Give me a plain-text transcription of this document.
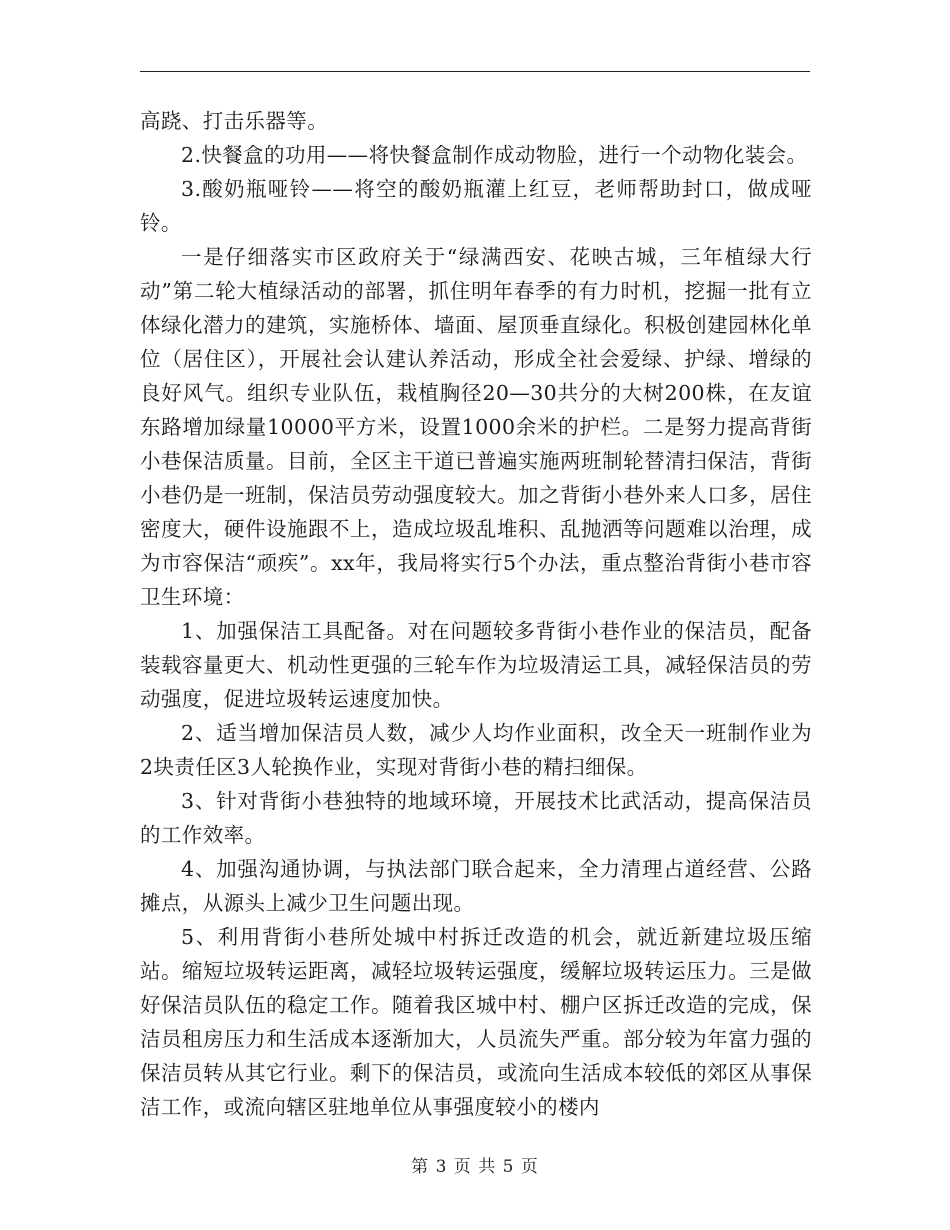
高跷、打击乐器等。

2.快餐盒的功用——将快餐盒制作成动物脸，进行一个动物化装会。

3.酸奶瓶哑铃——将空的酸奶瓶灌上红豆，老师帮助封口，做成哑铃。

一是仔细落实市区政府关于“绿满西安、花映古城，三年植绿大行动”第二轮大植绿活动的部署，抓住明年春季的有力时机，挖掘一批有立体绿化潜力的建筑，实施桥体、墙面、屋顶垂直绿化。积极创建园林化单位（居住区），开展社会认建认养活动，形成全社会爱绿、护绿、增绿的良好风气。组织专业队伍，栽植胸径20—30共分的大树200株，在友谊东路增加绿量10000平方米，设置1000余米的护栏。二是努力提高背街小巷保洁质量。目前，全区主干道已普遍实施两班制轮替清扫保洁，背街小巷仍是一班制，保洁员劳动强度较大。加之背街小巷外来人口多，居住密度大，硬件设施跟不上，造成垃圾乱堆积、乱抛洒等问题难以治理，成为市容保洁“顽疾”。xx年，我局将实行5个办法，重点整治背街小巷市容卫生环境：

1、加强保洁工具配备。对在问题较多背街小巷作业的保洁员，配备装载容量更大、机动性更强的三轮车作为垃圾清运工具，减轻保洁员的劳动强度，促进垃圾转运速度加快。

2、适当增加保洁员人数，减少人均作业面积，改全天一班制作业为2块责任区3人轮换作业，实现对背街小巷的精扫细保。

3、针对背街小巷独特的地域环境，开展技术比武活动，提高保洁员的工作效率。

4、加强沟通协调，与执法部门联合起来，全力清理占道经营、公路摊点，从源头上减少卫生问题出现。

5、利用背街小巷所处城中村拆迁改造的机会，就近新建垃圾压缩站。缩短垃圾转运距离，减轻垃圾转运强度，缓解垃圾转运压力。三是做好保洁员队伍的稳定工作。随着我区城中村、棚户区拆迁改造的完成，保洁员租房压力和生活成本逐渐加大，人员流失严重。部分较为年富力强的保洁员转从其它行业。剩下的保洁员，或流向生活成本较低的郊区从事保洁工作，或流向辖区驻地单位从事强度较小的楼内

第 3 页 共 5 页
